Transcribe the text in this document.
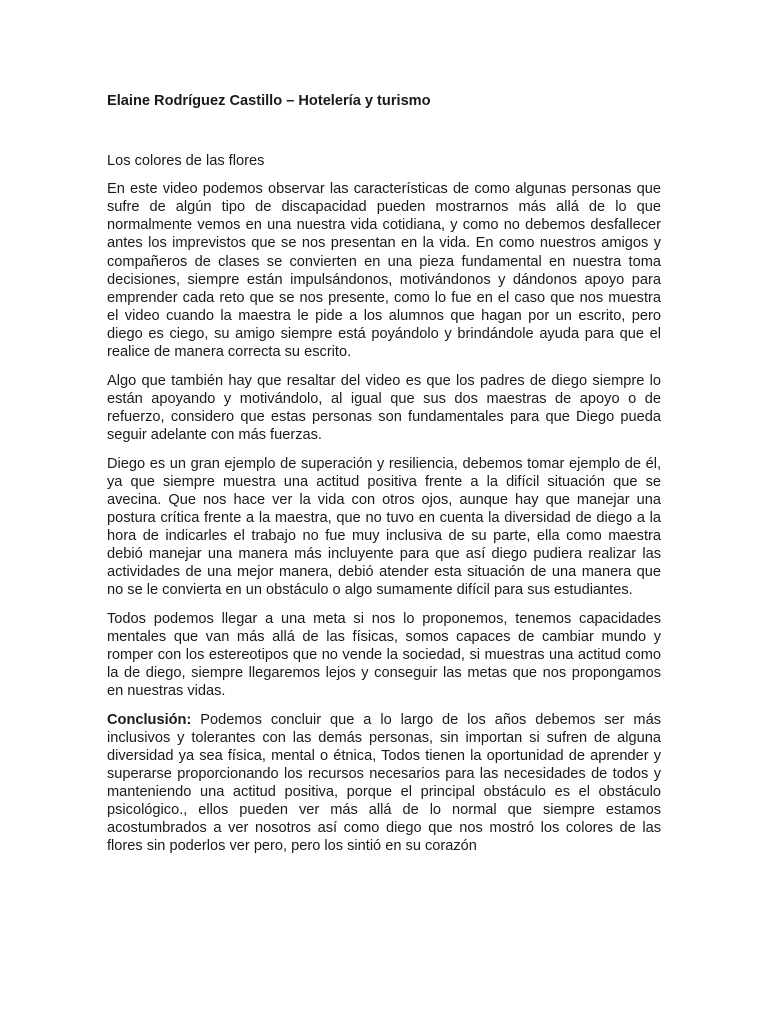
Elaine Rodríguez Castillo – Hotelería y turismo
Los colores de las flores

En este video podemos observar las características de como algunas personas que sufre de algún tipo de discapacidad pueden mostrarnos más allá de lo que normalmente vemos en una nuestra vida cotidiana, y como no debemos desfallecer antes los imprevistos que se nos presentan en la vida. En como nuestros amigos y compañeros de clases se convierten en una pieza fundamental en nuestra toma decisiones, siempre están impulsándonos, motivándonos y dándonos apoyo para emprender cada reto que se nos presente, como lo fue en el caso que nos muestra el video cuando la maestra le pide a los alumnos que hagan por un escrito, pero diego es ciego, su amigo siempre está poyándolo y brindándole ayuda para que el realice de manera correcta su escrito.

Algo que también hay que resaltar del video es que los padres de diego siempre lo están apoyando y motivándolo, al igual que sus dos maestras de apoyo o de refuerzo, considero que estas personas son fundamentales para que Diego pueda seguir adelante con más fuerzas.

Diego es un gran ejemplo de superación y resiliencia, debemos tomar ejemplo de él, ya que siempre muestra una actitud positiva frente a la difícil situación que se avecina. Que nos hace ver la vida con otros ojos, aunque hay que manejar una postura crítica frente a la maestra, que no tuvo en cuenta la diversidad de diego a la hora de indicarles el trabajo no fue muy inclusiva de su parte, ella como maestra debió manejar una manera más incluyente para que así diego pudiera realizar las actividades de una mejor manera, debió atender esta situación de una manera que no se le convierta en un obstáculo o algo sumamente difícil para sus estudiantes.

Todos podemos llegar a una meta si nos lo proponemos, tenemos capacidades mentales que van más allá de las físicas, somos capaces de cambiar mundo y romper con los estereotipos que no vende la sociedad, si muestras una actitud como la de diego, siempre llegaremos lejos y conseguir las metas que nos propongamos en nuestras vidas.

Conclusión: Podemos concluir que a lo largo de los años debemos ser más inclusivos y tolerantes con las demás personas, sin importan si sufren de alguna diversidad ya sea física, mental o étnica, Todos tienen la oportunidad de aprender y superarse proporcionando los recursos necesarios para las necesidades de todos y manteniendo una actitud positiva, porque el principal obstáculo es el obstáculo psicológico., ellos pueden ver más allá de lo normal que siempre estamos acostumbrados a ver nosotros así como diego que nos mostró los colores de las flores sin poderlos ver pero, pero los sintió en su corazón
